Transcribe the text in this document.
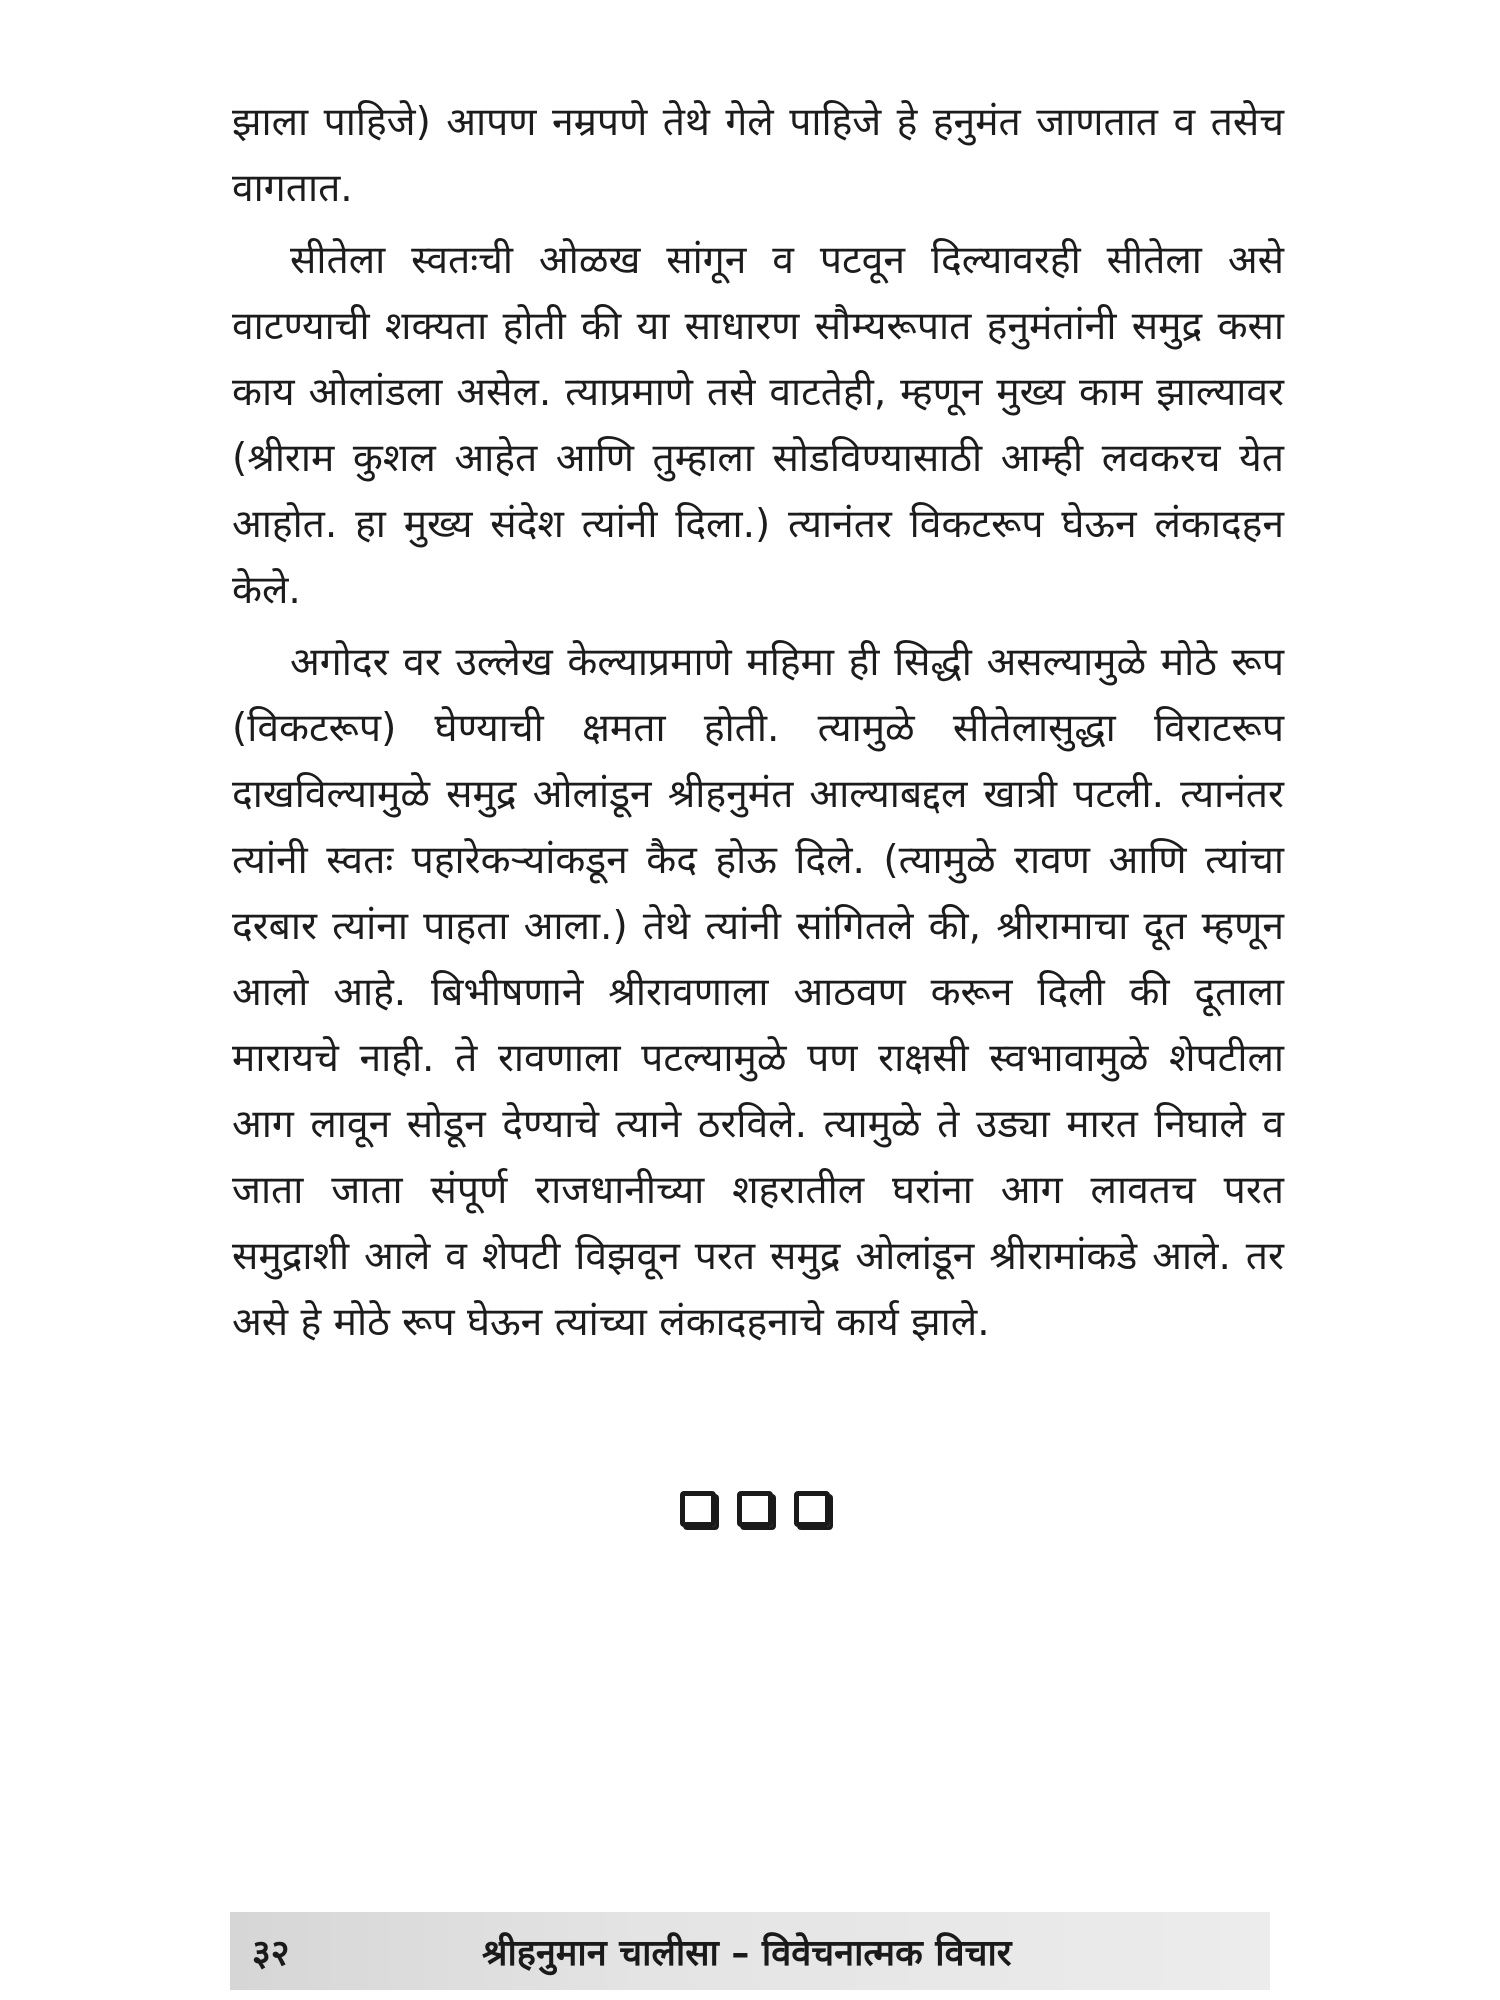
झाला पाहिजे) आपण नम्रपणे तेथे गेले पाहिजे हे हनुमंत जाणतात व तसेच वागतात.

सीतेला स्वतःची ओळख सांगून व पटवून दिल्यावरही सीतेला असे वाटण्याची शक्यता होती की या साधारण सौम्यरूपात हनुमंतांनी समुद्र कसा काय ओलांडला असेल. त्याप्रमाणे तसे वाटतेही, म्हणून मुख्य काम झाल्यावर (श्रीराम कुशल आहेत आणि तुम्हाला सोडविण्यासाठी आम्ही लवकरच येत आहोत. हा मुख्य संदेश त्यांनी दिला.) त्यानंतर विकटरूप घेऊन लंकादहन केले.

अगोदर वर उल्लेख केल्याप्रमाणे महिमा ही सिद्धी असल्यामुळे मोठे रूप (विकटरूप) घेण्याची क्षमता होती. त्यामुळे सीतेलासुद्धा विराटरूप दाखविल्यामुळे समुद्र ओलांडून श्रीहनुमंत आल्याबद्दल खात्री पटली. त्यानंतर त्यांनी स्वतः पहारेकऱ्यांकडून कैद होऊ दिले. (त्यामुळे रावण आणि त्यांचा दरबार त्यांना पाहता आला.) तेथे त्यांनी सांगितले की, श्रीरामाचा दूत म्हणून आलो आहे. बिभीषणाने श्रीरावणाला आठवण करून दिली की दूताला मारायचे नाही. ते रावणाला पटल्यामुळे पण राक्षसी स्वभावामुळे शेपटीला आग लावून सोडून देण्याचे त्याने ठरविले. त्यामुळे ते उड्या मारत निघाले व जाता जाता संपूर्ण राजधानीच्या शहरातील घरांना आग लावतच परत समुद्राशी आले व शेपटी विझवून परत समुद्र ओलांडून श्रीरामांकडे आले. तर असे हे मोठे रूप घेऊन त्यांच्या लंकादहनाचे कार्य झाले.

३२	श्रीहनुमान चालीसा – विवेचनात्मक विचार
